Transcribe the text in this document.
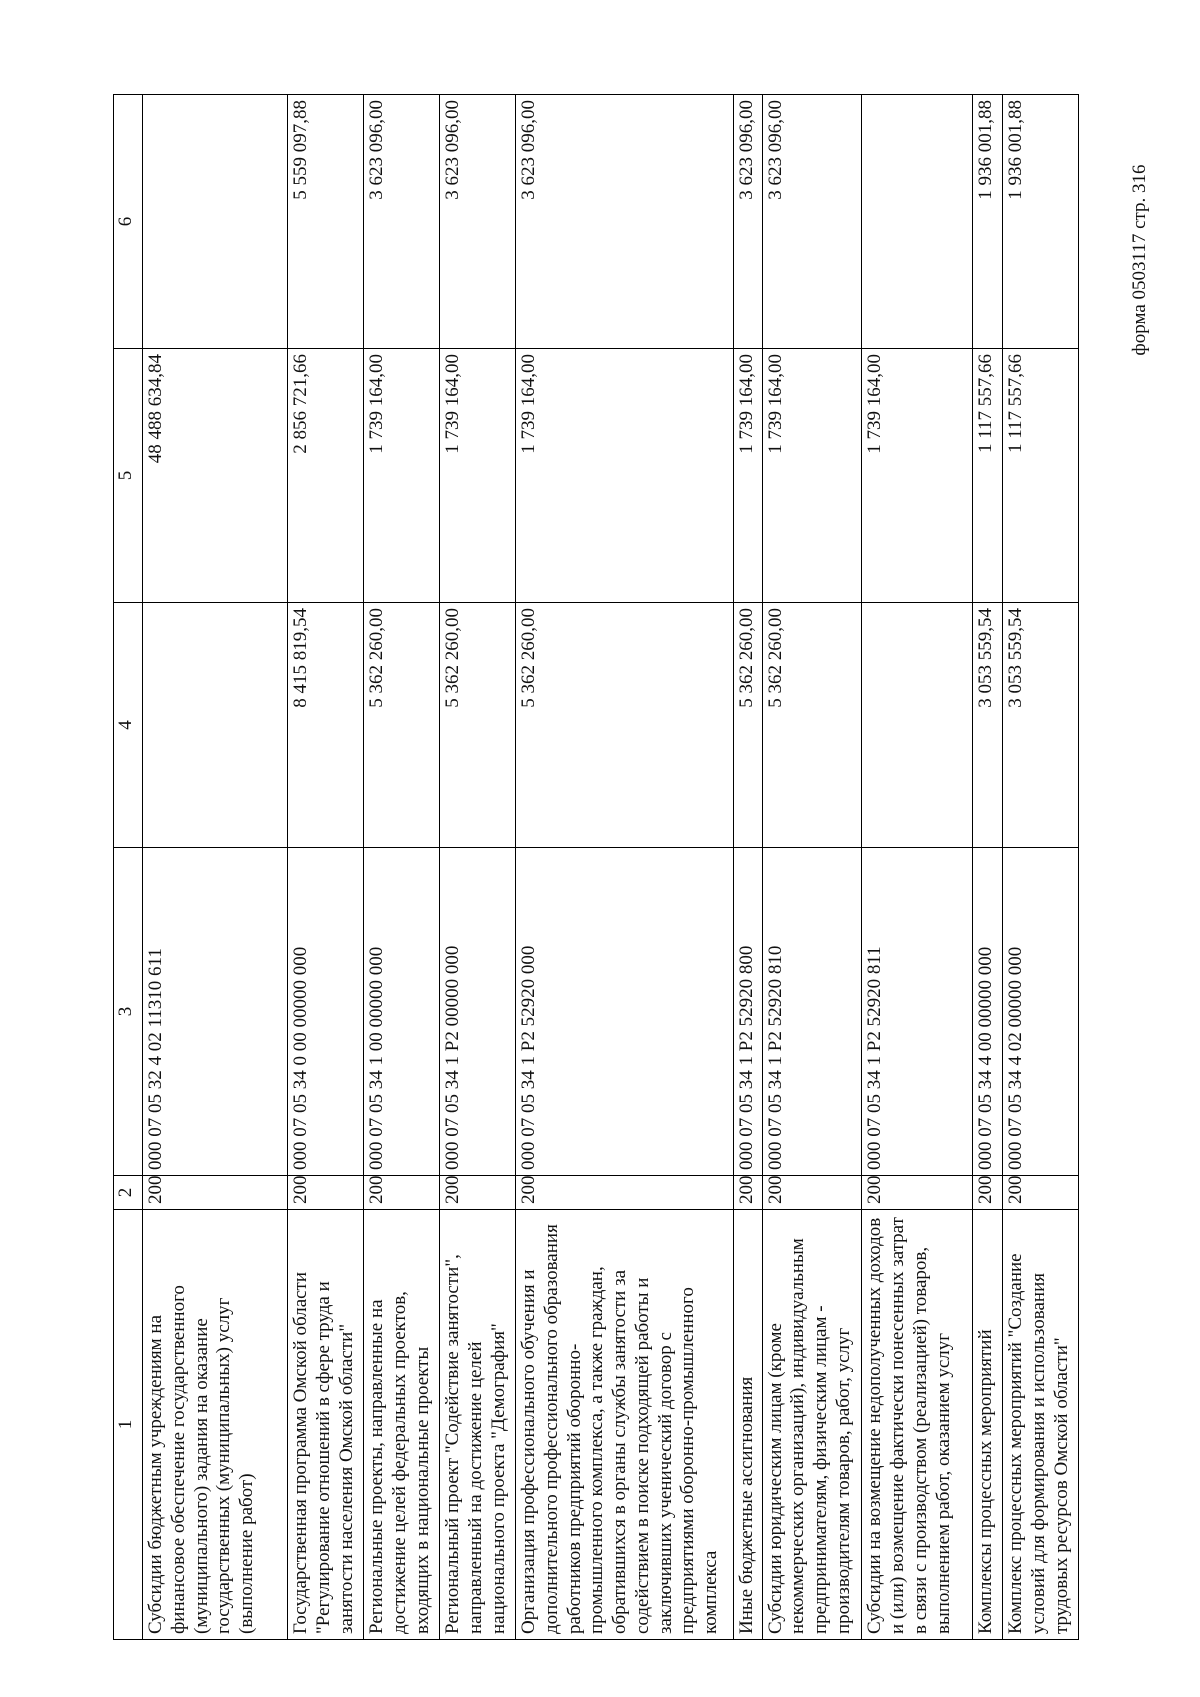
форма 0503117 стр. 316
1	2	3	4	5	6
Субсидии бюджетным учреждениям на финансовое обеспечение государственного (муниципального) задания на оказание государственных (муниципальных) услуг (выполнение работ)	200	000 07 05 32 4 02 11310 611		48 488 634,84	
Государственная программа Омской области "Регулирование отношений в сфере труда и занятости населения Омской области"	200	000 07 05 34 0 00 00000 000	8 415 819,54	2 856 721,66	5 559 097,88
Региональные проекты, направленные на достижение целей федеральных проектов, входящих в национальные проекты	200	000 07 05 34 1 00 00000 000	5 362 260,00	1 739 164,00	3 623 096,00
Региональный проект "Содействие занятости", направленный на достижение целей национального проекта "Демография"	200	000 07 05 34 1 P2 00000 000	5 362 260,00	1 739 164,00	3 623 096,00
Организация профессионального обучения и дополнительного профессионального образования работников предприятий оборонно-промышленного комплекса, а также граждан, обратившихся в органы службы занятости за содействием в поиске подходящей работы и заключивших ученический договор с предприятиями оборонно-промышленного комплекса	200	000 07 05 34 1 P2 52920 000	5 362 260,00	1 739 164,00	3 623 096,00
Иные бюджетные ассигнования	200	000 07 05 34 1 P2 52920 800	5 362 260,00	1 739 164,00	3 623 096,00
Субсидии юридическим лицам (кроме некоммерческих организаций), индивидуальным предпринимателям, физическим лицам - производителям товаров, работ, услуг	200	000 07 05 34 1 P2 52920 810	5 362 260,00	1 739 164,00	3 623 096,00
Субсидии на возмещение недополученных доходов и (или) возмещение фактически понесенных затрат в связи с производством (реализацией) товаров, выполнением работ, оказанием услуг	200	000 07 05 34 1 P2 52920 811		1 739 164,00	
Комплексы процессных мероприятий	200	000 07 05 34 4 00 00000 000	3 053 559,54	1 117 557,66	1 936 001,88
Комплекс процессных мероприятий "Создание условий для формирования и использования трудовых ресурсов Омской области"	200	000 07 05 34 4 02 00000 000	3 053 559,54	1 117 557,66	1 936 001,88
